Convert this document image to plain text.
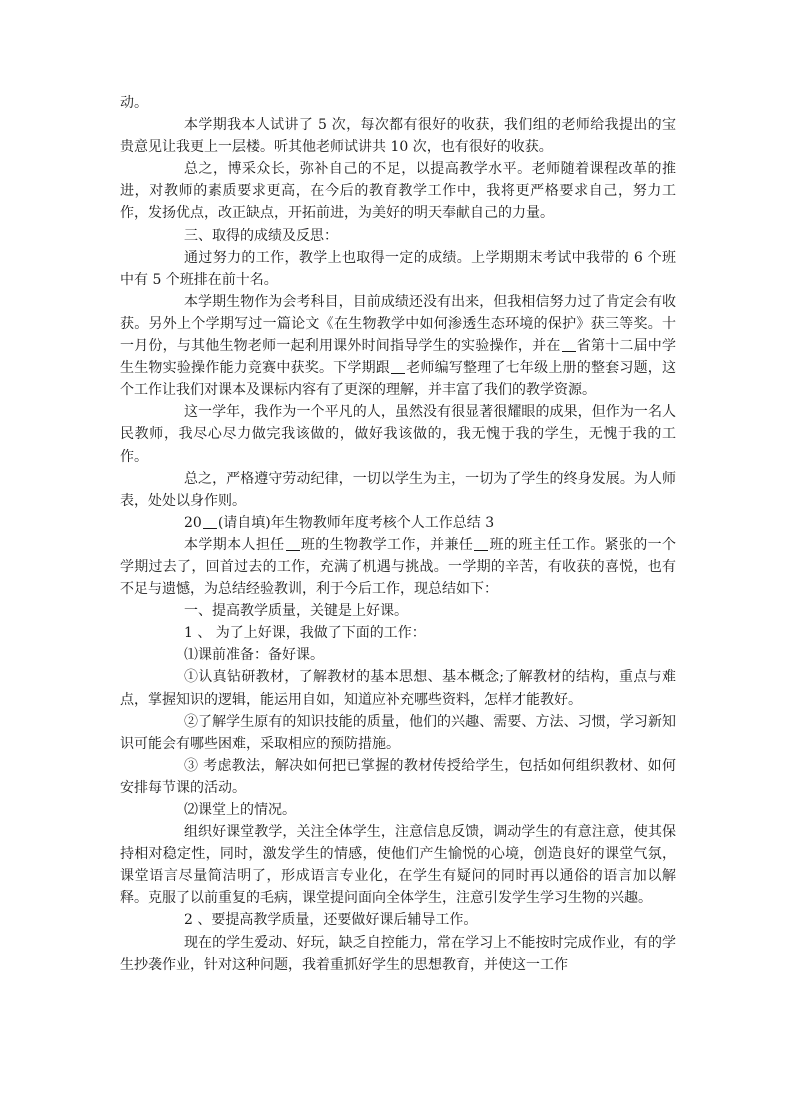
动。

本学期我本人试讲了 5 次，每次都有很好的收获，我们组的老师给我提出的宝贵意见让我更上一层楼。听其他老师试讲共 10 次，也有很好的收获。

总之，博采众长，弥补自己的不足，以提高教学水平。老师随着课程改革的推进，对教师的素质要求更高，在今后的教育教学工作中，我将更严格要求自己，努力工作，发扬优点，改正缺点，开拓前进，为美好的明天奉献自己的力量。

三、取得的成绩及反思：

通过努力的工作，教学上也取得一定的成绩。上学期期末考试中我带的 6 个班中有 5 个班排在前十名。

本学期生物作为会考科目，目前成绩还没有出来，但我相信努力过了肯定会有收获。另外上个学期写过一篇论文《在生物教学中如何渗透生态环境的保护》获三等奖。十一月份，与其他生物老师一起利用课外时间指导学生的实验操作，并在 省第十二届中学生生物实验操作能力竞赛中获奖。下学期跟 老师编写整理了七年级上册的整套习题，这个工作让我们对课本及课标内容有了更深的理解，并丰富了我们的教学资源。

这一学年，我作为一个平凡的人，虽然没有很显著很耀眼的成果，但作为一名人民教师，我尽心尽力做完我该做的，做好我该做的，我无愧于我的学生，无愧于我的工作。

总之，严格遵守劳动纪律，一切以学生为主，一切为了学生的终身发展。为人师表，处处以身作则。

20 (请自填)年生物教师年度考核个人工作总结 3

本学期本人担任 班的生物教学工作，并兼任 班的班主任工作。紧张的一个学期过去了，回首过去的工作，充满了机遇与挑战。一学期的辛苦，有收获的喜悦，也有不足与遗憾，为总结经验教训，利于今后工作，现总结如下：

一、提高教学质量，关键是上好课。

1 、 为了上好课，我做了下面的工作：

⑴课前准备：备好课。

①认真钻研教材，了解教材的基本思想、基本概念;了解教材的结构，重点与难点，掌握知识的逻辑，能运用自如，知道应补充哪些资料，怎样才能教好。

②了解学生原有的知识技能的质量，他们的兴趣、需要、方法、习惯，学习新知识可能会有哪些困难，采取相应的预防措施。

③ 考虑教法，解决如何把已掌握的教材传授给学生，包括如何组织教材、如何安排每节课的活动。

⑵课堂上的情况。

组织好课堂教学，关注全体学生，注意信息反馈，调动学生的有意注意，使其保持相对稳定性，同时，激发学生的情感，使他们产生愉悦的心境，创造良好的课堂气氛，课堂语言尽量简洁明了，形成语言专业化，在学生有疑问的同时再以通俗的语言加以解释。克服了以前重复的毛病，课堂提问面向全体学生，注意引发学生学习生物的兴趣。

2 、要提高教学质量，还要做好课后辅导工作。

现在的学生爱动、好玩，缺乏自控能力，常在学习上不能按时完成作业，有的学生抄袭作业，针对这种问题，我着重抓好学生的思想教育，并使这一工作
